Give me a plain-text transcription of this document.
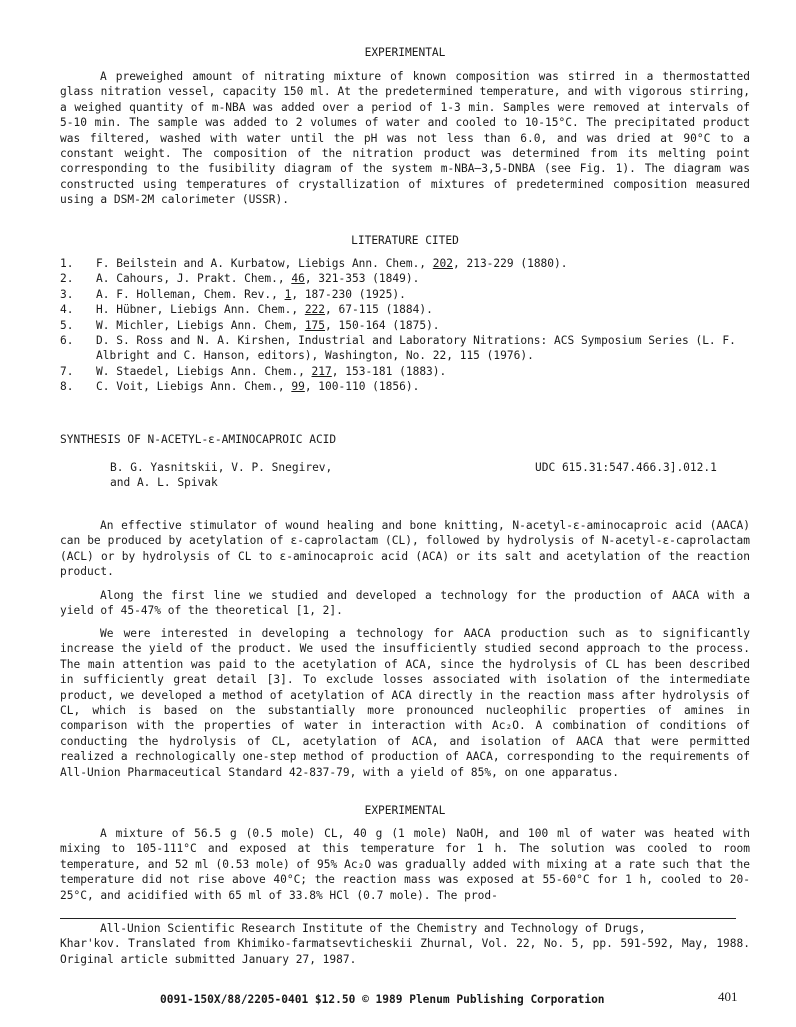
EXPERIMENTAL

A preweighed amount of nitrating mixture of known composition was stirred in a thermostatted glass nitration vessel, capacity 150 ml. At the predetermined temperature, and with vigorous stirring, a weighed quantity of m-NBA was added over a period of 1-3 min. Samples were removed at intervals of 5-10 min. The sample was added to 2 volumes of water and cooled to 10-15°C. The precipitated product was filtered, washed with water until the pH was not less than 6.0, and was dried at 90°C to a constant weight. The composition of the nitration product was determined from its melting point corresponding to the fusibility diagram of the system m-NBA–3,5-DNBA (see Fig. 1). The diagram was constructed using temperatures of crystallization of mixtures of predetermined composition measured using a DSM-2M calorimeter (USSR).

LITERATURE CITED
1. F. Beilstein and A. Kurbatow, Liebigs Ann. Chem., 202, 213-229 (1880).
2. A. Cahours, J. Prakt. Chem., 46, 321-353 (1849).
3. A. F. Holleman, Chem. Rev., 1, 187-230 (1925).
4. H. Hübner, Liebigs Ann. Chem., 222, 67-115 (1884).
5. W. Michler, Liebigs Ann. Chem, 175, 150-164 (1875).
6. D. S. Ross and N. A. Kirshen, Industrial and Laboratory Nitrations: ACS Symposium Series (L. F. Albright and C. Hanson, editors), Washington, No. 22, 115 (1976).
7. W. Staedel, Liebigs Ann. Chem., 217, 153-181 (1883).
8. C. Voit, Liebigs Ann. Chem., 99, 100-110 (1856).
SYNTHESIS OF N-ACETYL-ε-AMINOCAPROIC ACID
B. G. Yasnitskii, V. P. Snegirev,
and A. L. Spivak
UDC 615.31:547.466.3].012.1

An effective stimulator of wound healing and bone knitting, N-acetyl-ε-aminocaproic acid (AACA) can be produced by acetylation of ε-caprolactam (CL), followed by hydrolysis of N-acetyl-ε-caprolactam (ACL) or by hydrolysis of CL to ε-aminocaproic acid (ACA) or its salt and acetylation of the reaction product.

Along the first line we studied and developed a technology for the production of AACA with a yield of 45-47% of the theoretical [1, 2].

We were interested in developing a technology for AACA production such as to significantly increase the yield of the product. We used the insufficiently studied second approach to the process. The main attention was paid to the acetylation of ACA, since the hydrolysis of CL has been described in sufficiently great detail [3]. To exclude losses associated with isolation of the intermediate product, we developed a method of acetylation of ACA directly in the reaction mass after hydrolysis of CL, which is based on the substantially more pronounced nucleophilic properties of amines in comparison with the properties of water in interaction with Ac₂O. A combination of conditions of conducting the hydrolysis of CL, acetylation of ACA, and isolation of AACA that were permitted realized a rechnologically one-step method of production of AACA, corresponding to the requirements of All-Union Pharmaceutical Standard 42-837-79, with a yield of 85%, on one apparatus.

EXPERIMENTAL

A mixture of 56.5 g (0.5 mole) CL, 40 g (1 mole) NaOH, and 100 ml of water was heated with mixing to 105-111°C and exposed at this temperature for 1 h. The solution was cooled to room temperature, and 52 ml (0.53 mole) of 95% Ac₂O was gradually added with mixing at a rate such that the temperature did not rise above 40°C; the reaction mass was exposed at 55-60°C for 1 h, cooled to 20-25°C, and acidified with 65 ml of 33.8% HCl (0.7 mole). The prod-

All-Union Scientific Research Institute of the Chemistry and Technology of Drugs,
Khar'kov. Translated from Khimiko-farmatsevticheskii Zhurnal, Vol. 22, No. 5, pp. 591-592, May, 1988. Original article submitted January 27, 1987.
0091-150X/88/2205-0401 $12.50 © 1989 Plenum Publishing Corporation	401
